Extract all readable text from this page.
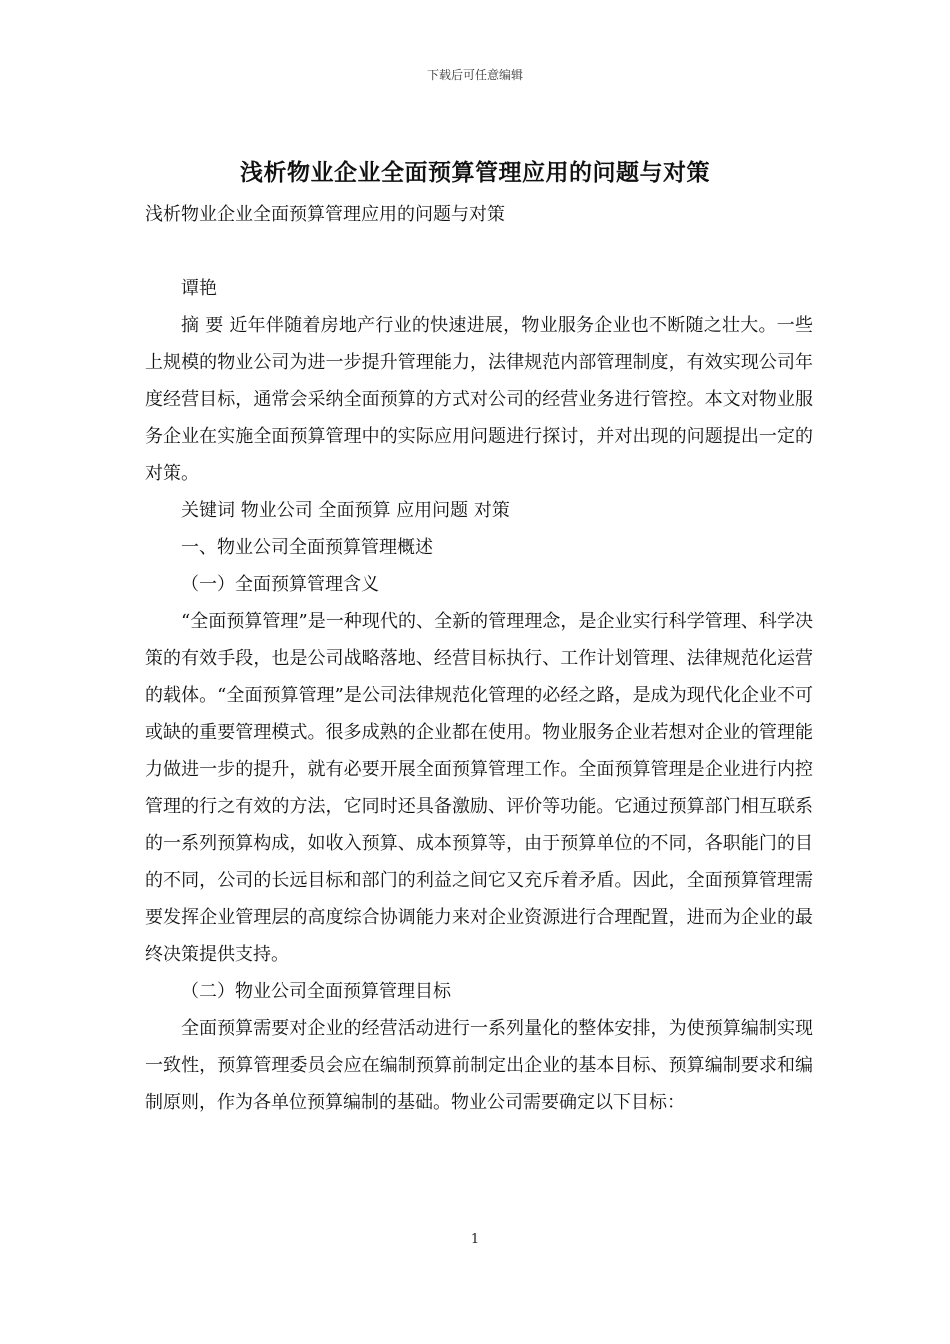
下载后可任意编辑
浅析物业企业全面预算管理应用的问题与对策

浅析物业企业全面预算管理应用的问题与对策

谭艳

摘 要 近年伴随着房地产行业的快速进展，物业服务企业也不断随之壮大。一些上规模的物业公司为进一步提升管理能力，法律规范内部管理制度，有效实现公司年度经营目标，通常会采纳全面预算的方式对公司的经营业务进行管控。本文对物业服务企业在实施全面预算管理中的实际应用问题进行探讨，并对出现的问题提出一定的对策。

关键词 物业公司 全面预算 应用问题 对策

一、物业公司全面预算管理概述

（一）全面预算管理含义

“全面预算管理”是一种现代的、全新的管理理念，是企业实行科学管理、科学决策的有效手段，也是公司战略落地、经营目标执行、工作计划管理、法律规范化运营的载体。“全面预算管理”是公司法律规范化管理的必经之路，是成为现代化企业不可或缺的重要管理模式。很多成熟的企业都在使用。物业服务企业若想对企业的管理能力做进一步的提升，就有必要开展全面预算管理工作。全面预算管理是企业进行内控管理的行之有效的方法，它同时还具备激励、评价等功能。它通过预算部门相互联系的一系列预算构成，如收入预算、成本预算等，由于预算单位的不同，各职能门的目的不同，公司的长远目标和部门的利益之间它又充斥着矛盾。因此，全面预算管理需要发挥企业管理层的高度综合协调能力来对企业资源进行合理配置，进而为企业的最终决策提供支持。

（二）物业公司全面预算管理目标

全面预算需要对企业的经营活动进行一系列量化的整体安排，为使预算编制实现一致性，预算管理委员会应在编制预算前制定出企业的基本目标、预算编制要求和编制原则，作为各单位预算编制的基础。物业公司需要确定以下目标：

1
